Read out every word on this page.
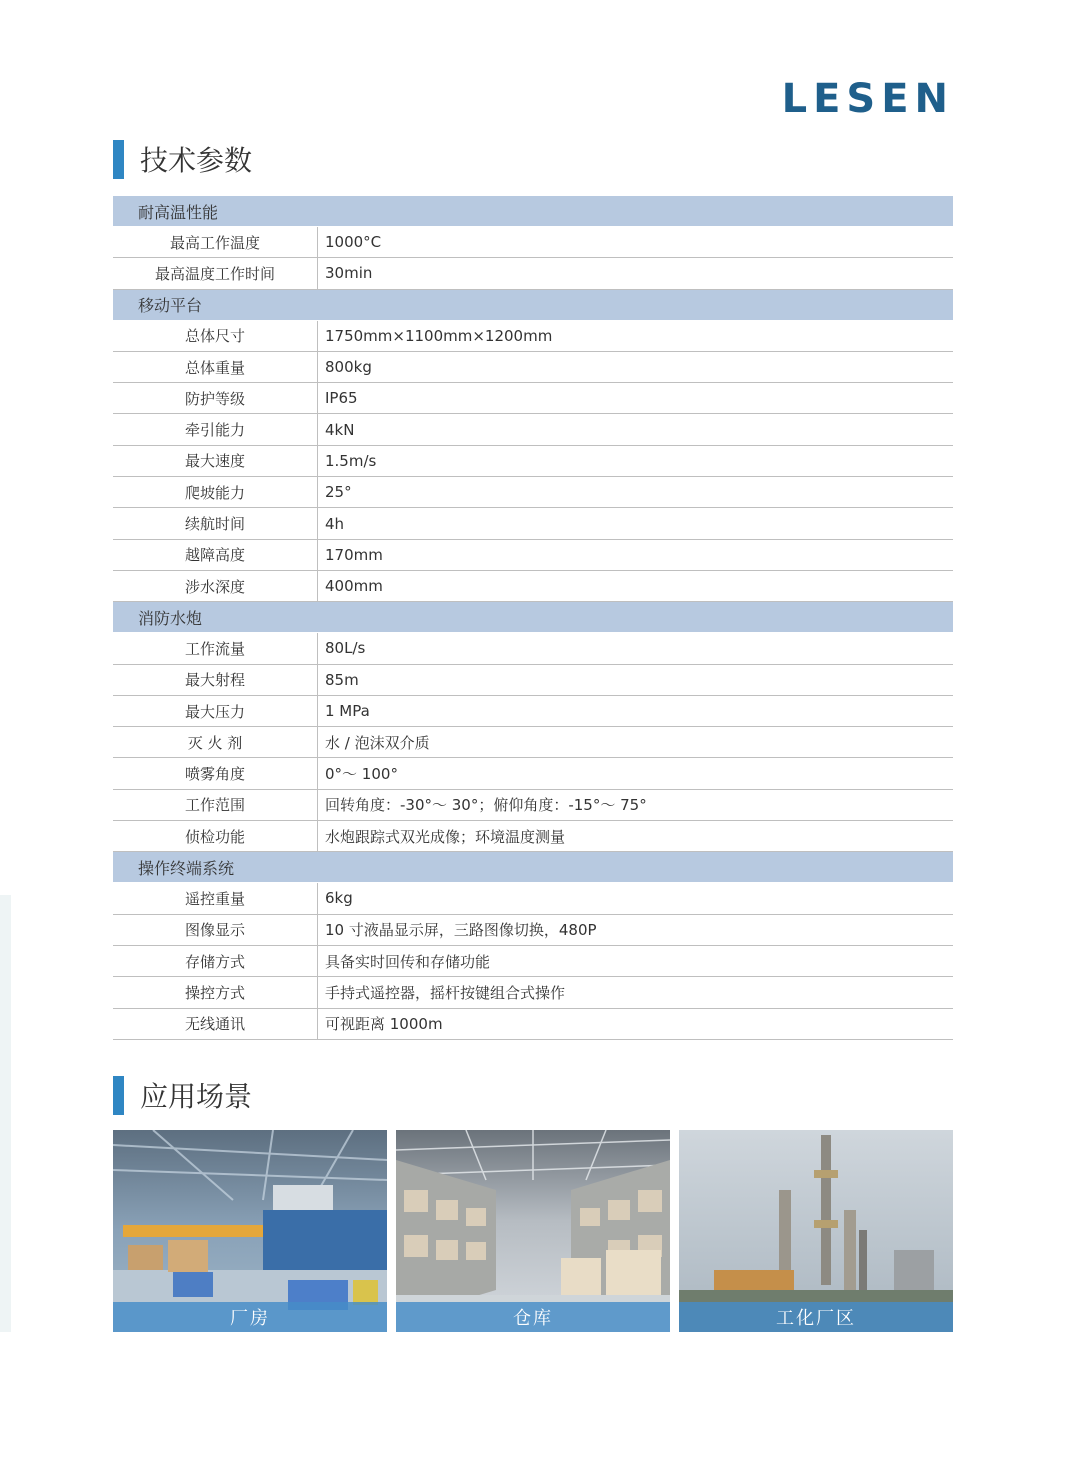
LESEN
技术参数
耐高温性能
最高工作温度	1000°C
最高温度工作时间	30min
移动平台
总体尺寸	1750mm×1100mm×1200mm
总体重量	800kg
防护等级	IP65
牵引能力	4kN
最大速度	1.5m/s
爬坡能力	25°
续航时间	4h
越障高度	170mm
涉水深度	400mm
消防水炮
工作流量	80L/s
最大射程	85m
最大压力	1 MPa
灭 火 剂	水 / 泡沫双介质
喷雾角度	0°～ 100°
工作范围	回转角度：-30°～ 30°；俯仰角度：-15°～ 75°
侦检功能	水炮跟踪式双光成像；环境温度测量
操作终端系统
遥控重量	6kg
图像显示	10 寸液晶显示屏，三路图像切换，480P
存储方式	具备实时回传和存储功能
操控方式	手持式遥控器，摇杆按键组合式操作
无线通讯	可视距离 1000m
应用场景
厂房	仓库	工化厂区
